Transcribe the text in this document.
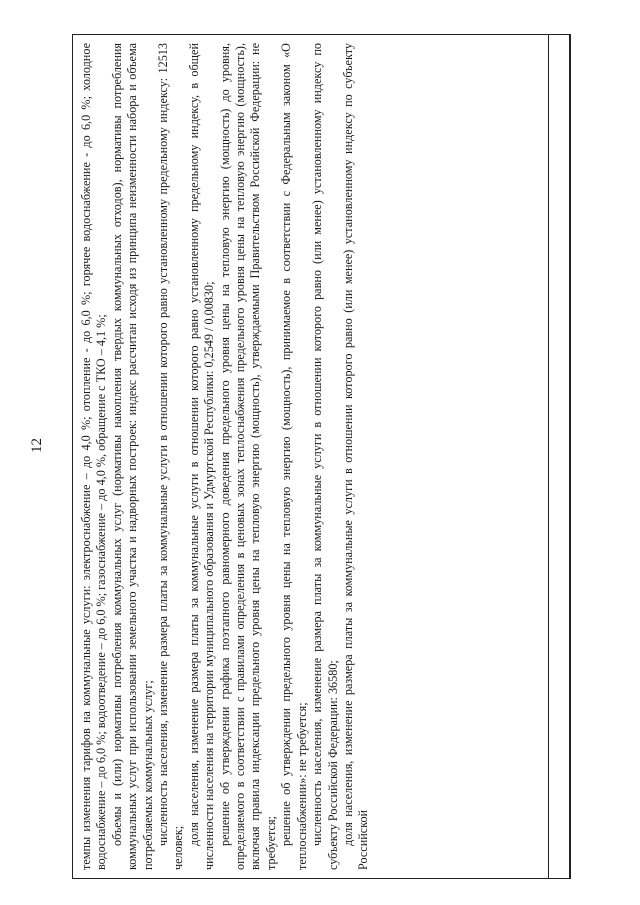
12	темпы изменения тарифов на коммунальные услуги: электроснабжение – до 4,0 %; отопление - до 6,0 %; горячее водоснабжение - до 6,0 %; холодное водоснабжение – до 6,0 %; водоотведение – до 6,0 %; газоснабжение – до 4,0 %, обращение с ТКО – 4,1 %; объемы и (или) нормативы потребления коммунальных услуг (нормативы накопления твердых коммунальных отходов), нормативы потребления коммунальных услуг при использовании земельного участка и надворных построек: индекс рассчитан исходя из принципа неизменности набора и объема потребляемых коммунальных услуг; численность населения, изменение размера платы за коммунальные услуги в отношении которого равно установленному предельному индексу: 12513 человек;

доля населения, изменение размера платы за коммунальные услуги в отношении которого равно установленному предельному индексу, в общей численности населения на территории муниципального образования и Удмуртской Республики: 0,2549 / 0,00830; решение об утверждении графика поэтапного равномерного доведения предельного уровня цены на тепловую энергию (мощность) до уровня, определяемого в соответствии с правилами определения в ценовых зонах теплоснабжения предельного уровня цены на тепловую энергию (мощность), включая правила индексации предельного уровня цены на тепловую энергию (мощность), утверждаемыми Правительством Российской Федерации: не требуется; решение об утверждении предельного уровня цены на тепловую энергию (мощность), принимаемое в соответствии с Федеральным законом «О теплоснабжении»: не требуется; численность населения, изменение размера платы за коммунальные услуги в отношении которого равно (или менее) установленному индексу по субъекту Российской Федерации: 36580; доля населения, изменение размера платы за коммунальные услуги в отношении которого равно (или менее) установленному индексу по субъекту Российской
